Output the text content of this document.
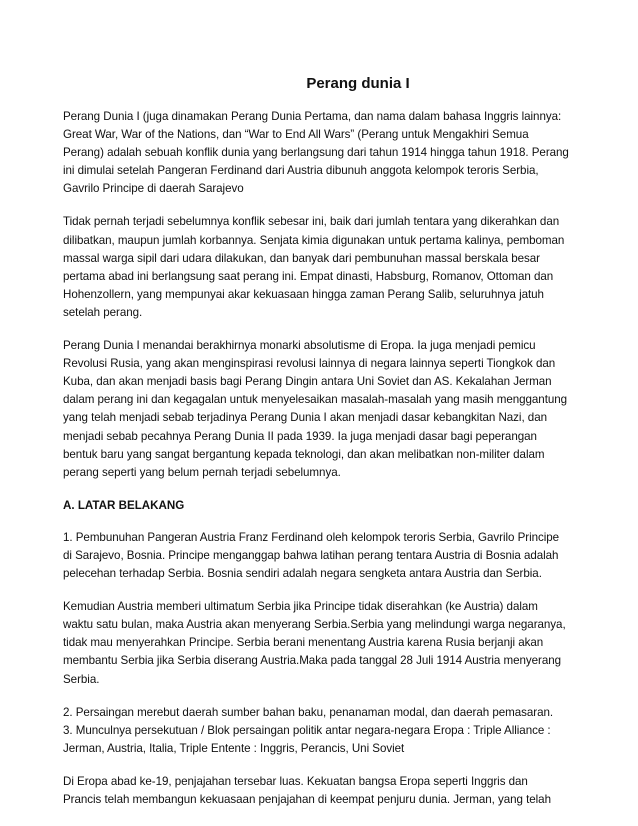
Perang dunia I

Perang Dunia I (juga dinamakan Perang Dunia Pertama, dan nama dalam bahasa Inggris lainnya: Great War, War of the Nations, dan “War to End All Wars” (Perang untuk Mengakhiri Semua Perang) adalah sebuah konflik dunia yang berlangsung dari tahun 1914 hingga tahun 1918. Perang ini dimulai setelah Pangeran Ferdinand dari Austria dibunuh anggota kelompok teroris Serbia, Gavrilo Principe di daerah Sarajevo

Tidak pernah terjadi sebelumnya konflik sebesar ini, baik dari jumlah tentara yang dikerahkan dan dilibatkan, maupun jumlah korbannya. Senjata kimia digunakan untuk pertama kalinya, pemboman massal warga sipil dari udara dilakukan, dan banyak dari pembunuhan massal berskala besar pertama abad ini berlangsung saat perang ini. Empat dinasti, Habsburg, Romanov, Ottoman dan Hohenzollern, yang mempunyai akar kekuasaan hingga zaman Perang Salib, seluruhnya jatuh setelah perang.

Perang Dunia I menandai berakhirnya monarki absolutisme di Eropa. Ia juga menjadi pemicu Revolusi Rusia, yang akan menginspirasi revolusi lainnya di negara lainnya seperti Tiongkok dan Kuba, dan akan menjadi basis bagi Perang Dingin antara Uni Soviet dan AS. Kekalahan Jerman dalam perang ini dan kegagalan untuk menyelesaikan masalah-masalah yang masih menggantung yang telah menjadi sebab terjadinya Perang Dunia I akan menjadi dasar kebangkitan Nazi, dan menjadi sebab pecahnya Perang Dunia II pada 1939. Ia juga menjadi dasar bagi peperangan bentuk baru yang sangat bergantung kepada teknologi, dan akan melibatkan non-militer dalam perang seperti yang belum pernah terjadi sebelumnya.

A. LATAR BELAKANG

1. Pembunuhan Pangeran Austria Franz Ferdinand oleh kelompok teroris Serbia, Gavrilo Principe di Sarajevo, Bosnia. Principe menganggap bahwa latihan perang tentara Austria di Bosnia adalah pelecehan terhadap Serbia. Bosnia sendiri adalah negara sengketa antara Austria dan Serbia.

Kemudian Austria memberi ultimatum Serbia jika Principe tidak diserahkan (ke Austria) dalam waktu satu bulan, maka Austria akan menyerang Serbia.Serbia yang melindungi warga negaranya, tidak mau menyerahkan Principe. Serbia berani menentang Austria karena Rusia berjanji akan membantu Serbia jika Serbia diserang Austria.Maka pada tanggal 28 Juli 1914 Austria menyerang Serbia.

2. Persaingan merebut daerah sumber bahan baku, penanaman modal, dan daerah pemasaran.

3. Munculnya persekutuan / Blok persaingan politik antar negara-negara Eropa : Triple Alliance : Jerman, Austria, Italia, Triple Entente : Inggris, Perancis, Uni Soviet

Di Eropa abad ke-19, penjajahan tersebar luas. Kekuatan bangsa Eropa seperti Inggris dan Prancis telah membangun kekuasaan penjajahan di keempat penjuru dunia. Jerman, yang telah
